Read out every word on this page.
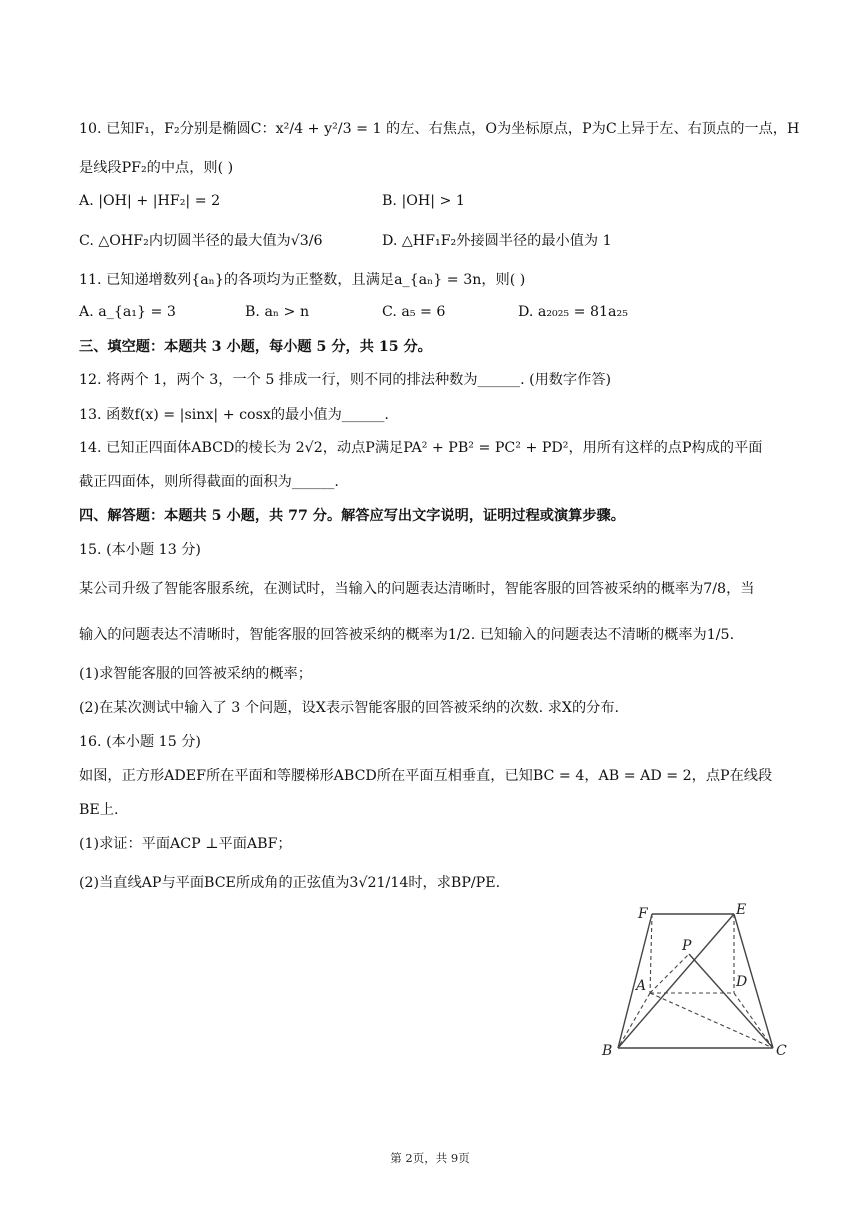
10. 已知F₁，F₂分别是椭圆C：x²/4 + y²/3 = 1 的左、右焦点，O为坐标原点，P为C上异于左、右顶点的一点，H
是线段PF₂的中点，则( )
A. |OH| + |HF₂| = 2	B. |OH| > 1
C. △OHF₂内切圆半径的最大值为√3/6	D. △HF₁F₂外接圆半径的最小值为 1
11. 已知递增数列{aₙ}的各项均为正整数，且满足a_{aₙ} = 3n，则( )
A. a_{a₁} = 3	B. aₙ > n	C. a₅ = 6	D. a₂₀₂₅ = 81a₂₅
三、填空题：本题共 3 小题，每小题 5 分，共 15 分。
12. 将两个 1，两个 3，一个 5 排成一行，则不同的排法种数为______. (用数字作答)
13. 函数f(x) = |sinx| + cosx的最小值为______.
14. 已知正四面体ABCD的棱长为 2√2，动点P满足PA² + PB² = PC² + PD²，用所有这样的点P构成的平面
截正四面体，则所得截面的面积为______.
四、解答题：本题共 5 小题，共 77 分。解答应写出文字说明，证明过程或演算步骤。
15. (本小题 13 分)
某公司升级了智能客服系统，在测试时，当输入的问题表达清晰时，智能客服的回答被采纳的概率为7/8，当
输入的问题表达不清晰时，智能客服的回答被采纳的概率为1/2. 已知输入的问题表达不清晰的概率为1/5.
(1)求智能客服的回答被采纳的概率；
(2)在某次测试中输入了 3 个问题，设X表示智能客服的回答被采纳的次数. 求X的分布.
16. (本小题 15 分)
如图，正方形ADEF所在平面和等腰梯形ABCD所在平面互相垂直，已知BC = 4，AB = AD = 2，点P在线段
BE上.
(1)求证：平面ACP ⊥平面ABF；
(2)当直线AP与平面BCE所成角的正弦值为3√21/14时，求BP/PE.
F	E
P
A	D
B	C
第 2页，共 9页
